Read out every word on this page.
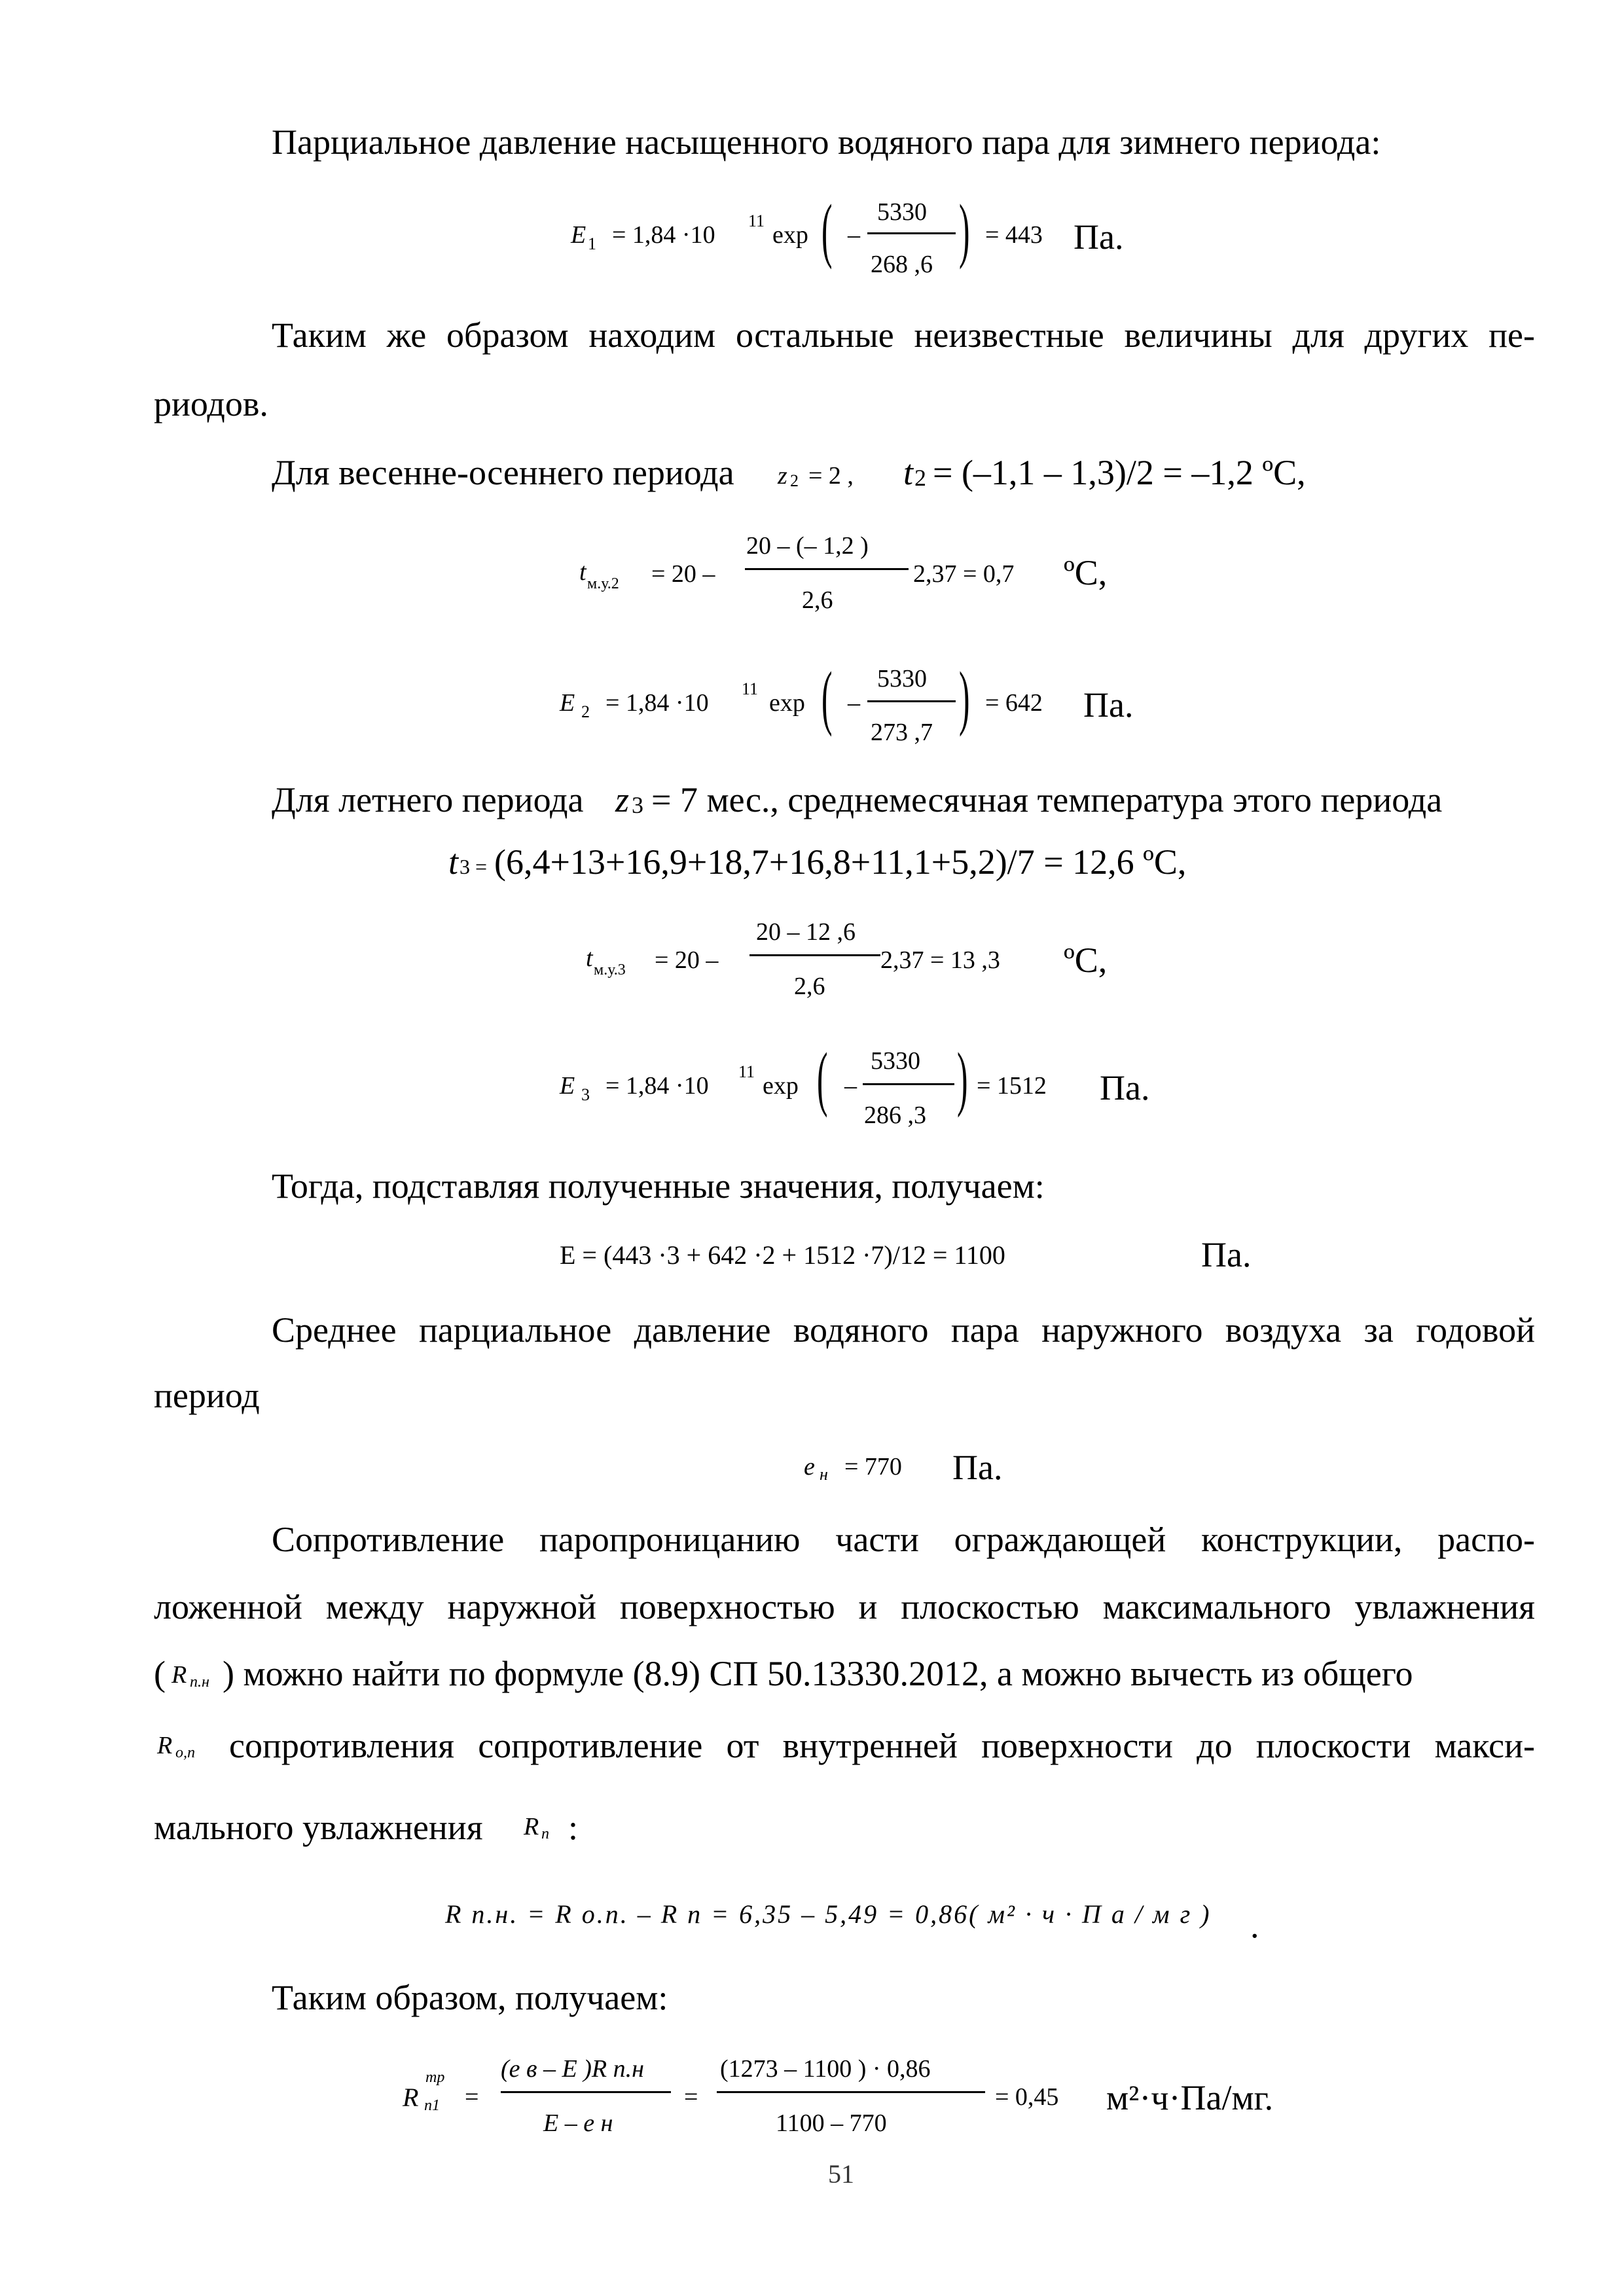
Парциальное давление насыщенного водяного пара для зимнего периода:
E 1 = 1,84 ·10
11
exp ( –
5330
268 ,6 ) = 443 Па.
Таким же образом находим остальные неизвестные величины для других пе-
риодов.
Для весенне-осеннего периода z 2 = 2 , t 2 = (–1,1 – 1,3)/2 = –1,2 ºС,
t м.у.2 = 20 –
20 – (– 1,2 )
2,6
2,37 = 0,7 ºС,
E 2 = 1,84 ·10
11
exp ( –
5330
273 ,7 ) = 642 Па.
Для летнего периода z 3 = 7 мес., среднемесячная температура этого периода
t 3 = (6,4+13+16,9+18,7+16,8+11,1+5,2)/7 = 12,6 ºС,
t м.у.3 = 20 –
20 – 12 ,6
2,6
2,37 = 13 ,3 ºС,
E 3 = 1,84 ·10
11
exp ( –
5330
286 ,3 ) = 1512 Па.
Тогда, подставляя полученные значения, получаем:
E = (443 ·3 + 642 ·2 + 1512 ·7)/12 = 1100	Па.
Среднее парциальное давление водяного пара наружного воздуха за годовой
период
e н = 770 Па.
Сопротивление паропроницанию части ограждающей конструкции, распо-
ложенной между наружной поверхностью и плоскостью максимального увлажнения
( R п.н ) можно найти по формуле (8.9) СП 50.13330.2012, а можно вычесть из общего
R о,п сопротивления сопротивление от внутренней поверхности до плоскости макси-
мального увлажнения R п :
R п.н. = R о.п. – R п = 6,35 – 5,49 = 0,86( м² · ч · П а / м г ) .
Таким образом, получаем:
R
тр
п1 =
(e в – E )R п.н
E – e н
=
(1273 – 1100 ) · 0,86
1100 – 770
= 0,45 м²·ч·Па/мг.
51
